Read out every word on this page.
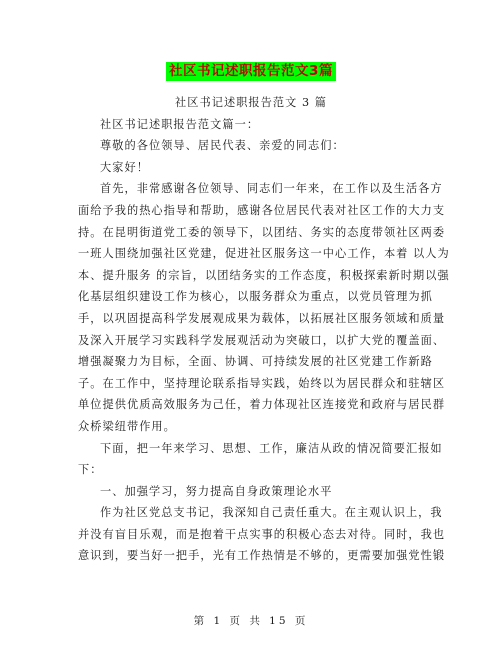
社区书记述职报告范文3篇
社区书记述职报告范文 3 篇
社区书记述职报告范文篇一：
尊敬的各位领导、居民代表、亲爱的同志们：
大家好！
首先，非常感谢各位领导、同志们一年来，在工作以及生活各方
面给予我的热心指导和帮助，感谢各位居民代表对社区工作的大力支
持。在昆明街道党工委的领导下，以团结、务实的态度带领社区两委
一班人围绕加强社区党建，促进社区服务这一中心工作，本着 以人为
本、提升服务 的宗旨，以团结务实的工作态度，积极探索新时期以强
化基层组织建设工作为核心，以服务群众为重点，以党员管理为抓
手，以巩固提高科学发展观成果为载体，以拓展社区服务领域和质量
及深入开展学习实践科学发展观活动为突破口，以扩大党的覆盖面、
增强凝聚力为目标，全面、协调、可持续发展的社区党建工作新路
子。在工作中，坚持理论联系指导实践，始终以为居民群众和驻辖区
单位提供优质高效服务为己任，着力体现社区连接党和政府与居民群
众桥梁纽带作用。
下面，把一年来学习、思想、工作，廉洁从政的情况简要汇报如
下：
一、加强学习，努力提高自身政策理论水平
作为社区党总支书记，我深知自己责任重大。在主观认识上，我
并没有盲目乐观，而是抱着干点实事的积极心态去对待。同时，我也
意识到，要当好一把手，光有工作热情是不够的，更需要加强党性锻
第 1 页 共 15 页
